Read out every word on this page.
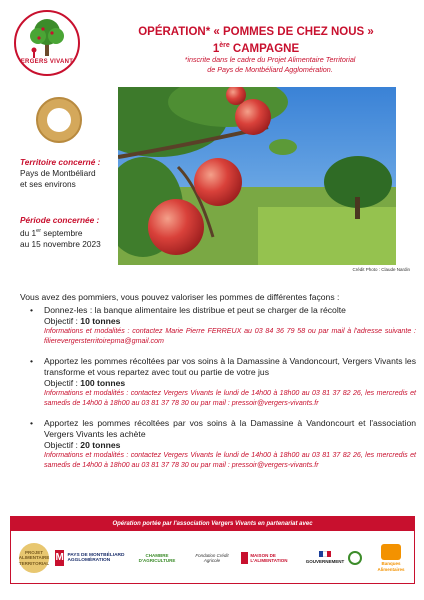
VERGERS VIVANTS
OPÉRATION* « POMMES DE CHEZ NOUS »
1ère CAMPAGNE
*inscrite dans le cadre du Projet Alimentaire Territorial
de Pays de Montbéliard Agglomération.
Crédit Photo : Claude Nardin
Territoire concerné :
Pays de Montbéliard
et ses environs
Période concernée :
du 1er septembre
au 15 novembre 2023
Vous avez des pommiers, vous pouvez valoriser les pommes de différentes façons :
• Donnez-les : la banque alimentaire les distribue et peut se charger de la récolte
Objectif : 10 tonnes
Informations et modalités : contactez Marie Pierre FERREUX au 03 84 36 79 58 ou par mail à l'adresse suivante : filierevergersterritoirepma@gmail.com
• Apportez les pommes récoltées par vos soins à la Damassine à Vandoncourt, Vergers Vivants les transforme et vous repartez avec tout ou partie de votre jus
Objectif : 100 tonnes
Informations et modalités : contactez Vergers Vivants le lundi de 14h00 à 18h00 au 03 81 37 82 26, les mercredis et samedis de 14h00 à 18h00 au 03 81 37 78 30 ou par mail : pressoir@vergers-vivants.fr
• Apportez les pommes récoltées par vos soins à la Damassine à Vandoncourt et l'association Vergers Vivants les achète
Objectif : 20 tonnes
Informations et modalités : contactez Vergers Vivants le lundi de 14h00 à 18h00 au 03 81 37 82 26, les mercredis et samedis de 14h00 à 18h00 au 03 81 37 78 30 ou par mail : pressoir@vergers-vivants.fr
Opération portée par l'association Vergers Vivants en partenariat avec
PROJET ALIMENTAIRE TERRITORIAL
M PAYS DE MONTBÉLIARD AGGLOMÉRATION
CHAMBRE D'AGRICULTURE
Fondation Crédit Agricole
MAISON DE L'ALIMENTATION	GOUVERNEMENT	Banques Alimentaires
